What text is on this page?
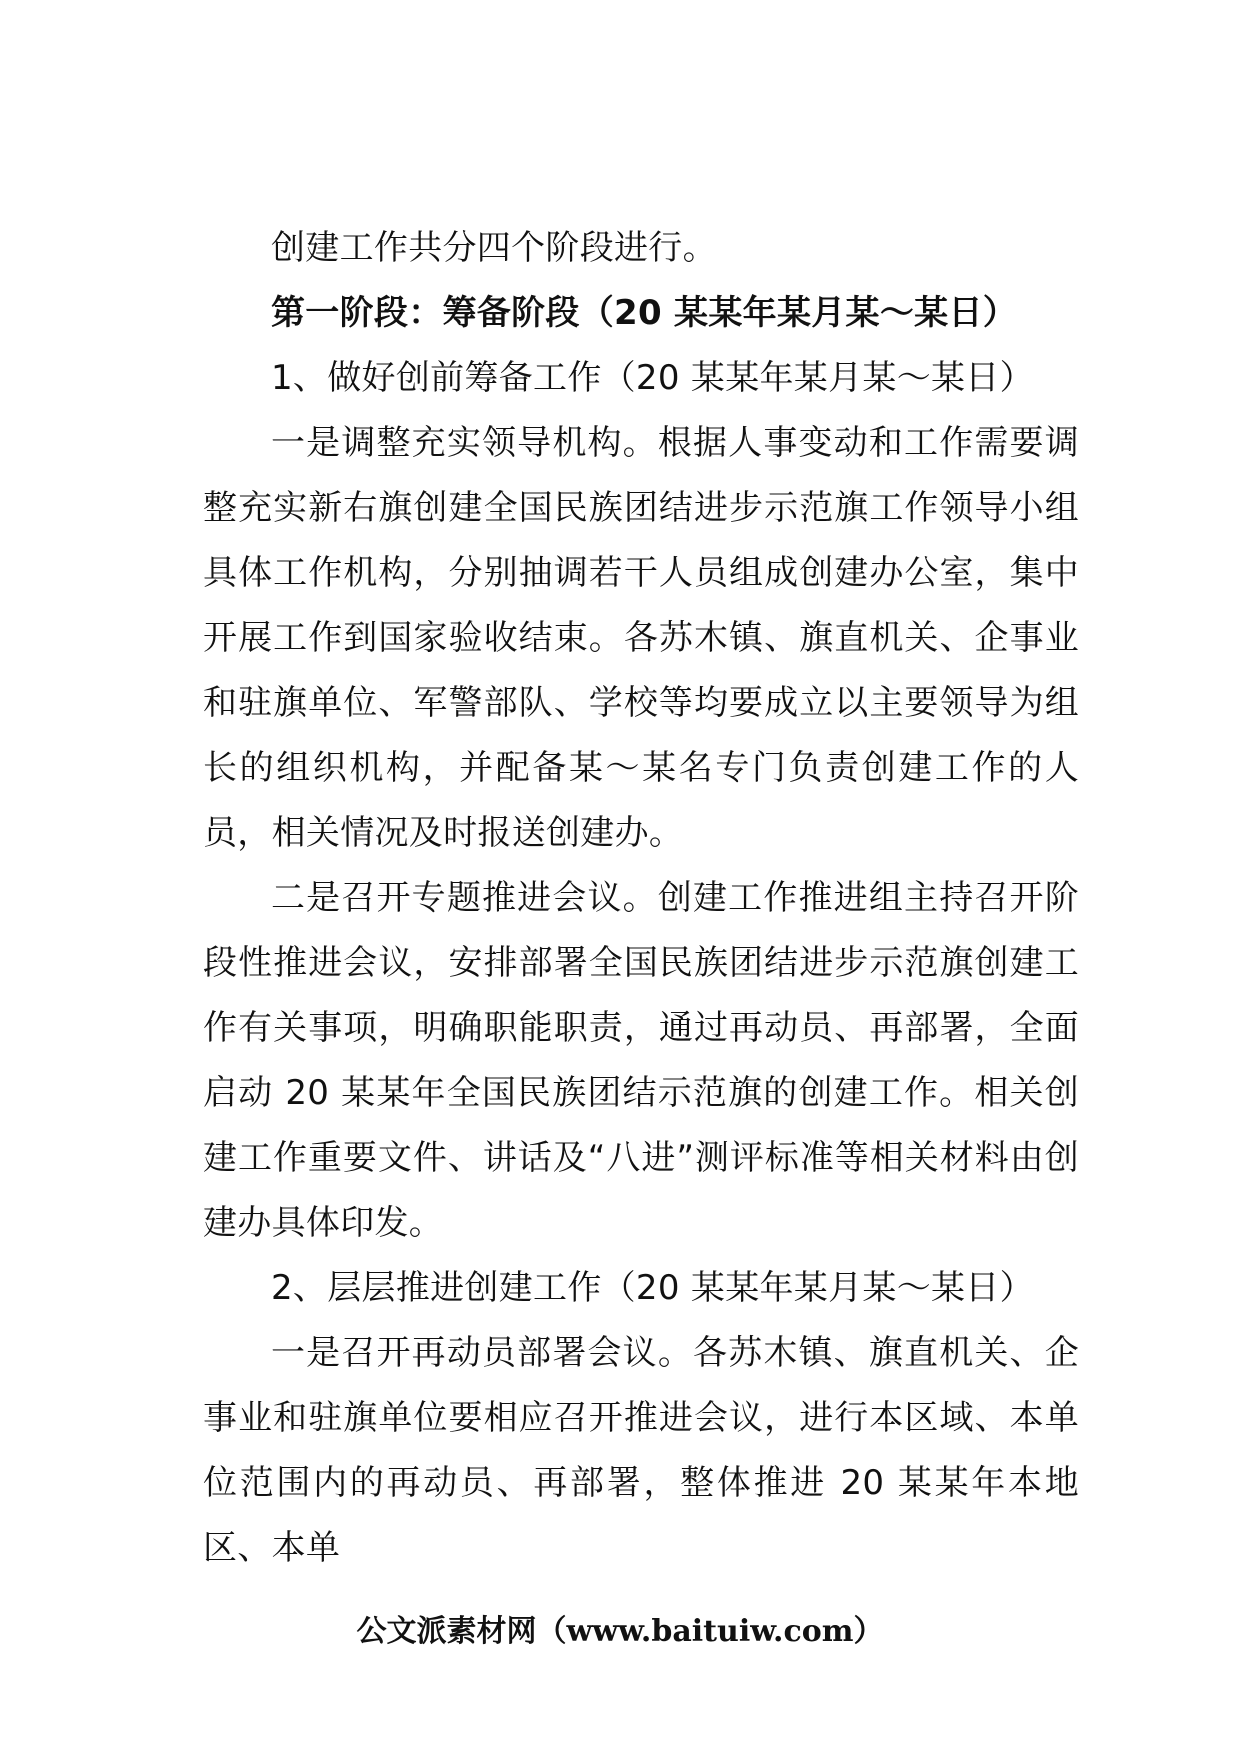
创建工作共分四个阶段进行。

第一阶段：筹备阶段（20 某某年某月某～某日）

1、做好创前筹备工作（20 某某年某月某～某日）

一是调整充实领导机构。根据人事变动和工作需要调整充实新右旗创建全国民族团结进步示范旗工作领导小组具体工作机构，分别抽调若干人员组成创建办公室，集中开展工作到国家验收结束。各苏木镇、旗直机关、企事业和驻旗单位、军警部队、学校等均要成立以主要领导为组长的组织机构，并配备某～某名专门负责创建工作的人员，相关情况及时报送创建办。

二是召开专题推进会议。创建工作推进组主持召开阶段性推进会议，安排部署全国民族团结进步示范旗创建工作有关事项，明确职能职责，通过再动员、再部署，全面启动 20 某某年全国民族团结示范旗的创建工作。相关创建工作重要文件、讲话及“八进”测评标准等相关材料由创建办具体印发。

2、层层推进创建工作（20 某某年某月某～某日）

一是召开再动员部署会议。各苏木镇、旗直机关、企事业和驻旗单位要相应召开推进会议，进行本区域、本单位范围内的再动员、再部署，整体推进 20 某某年本地区、本单

公文派素材网（www.baituiw.com）
